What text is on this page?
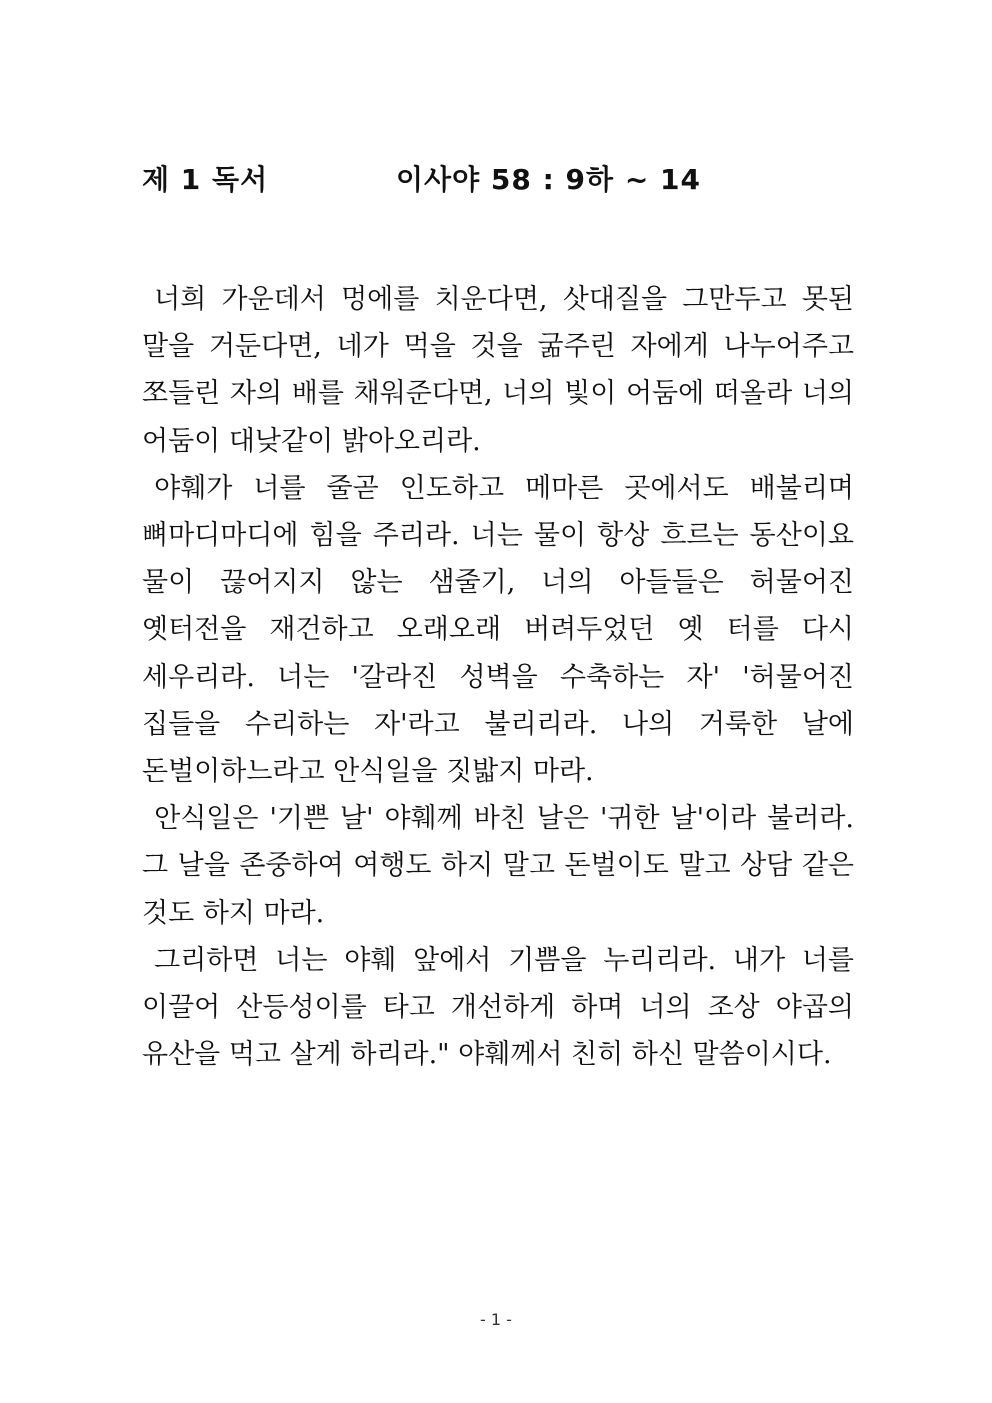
제 1 독서	이사야 58 : 9하 ~ 14

너희 가운데서 멍에를 치운다면, 삿대질을 그만두고 못된 말을 거둔다면, 네가 먹을 것을 굶주린 자에게 나누어주고 쪼들린 자의 배를 채워준다면, 너의 빛이 어둠에 떠올라 너의 어둠이 대낮같이 밝아오리라.

야훼가 너를 줄곧 인도하고 메마른 곳에서도 배불리며 뼈마디마디에 힘을 주리라. 너는 물이 항상 흐르는 동산이요 물이 끊어지지 않는 샘줄기, 너의 아들들은 허물어진 옛터전을 재건하고 오래오래 버려두었던 옛 터를 다시 세우리라. 너는 '갈라진 성벽을 수축하는 자' '허물어진 집들을 수리하는 자'라고 불리리라. 나의 거룩한 날에 돈벌이하느라고 안식일을 짓밟지 마라.

안식일은 '기쁜 날' 야훼께 바친 날은 '귀한 날'이라 불러라. 그 날을 존중하여 여행도 하지 말고 돈벌이도 말고 상담 같은 것도 하지 마라.

그리하면 너는 야훼 앞에서 기쁨을 누리리라. 내가 너를 이끌어 산등성이를 타고 개선하게 하며 너의 조상 야곱의 유산을 먹고 살게 하리라." 야훼께서 친히 하신 말씀이시다.

- 1 -
